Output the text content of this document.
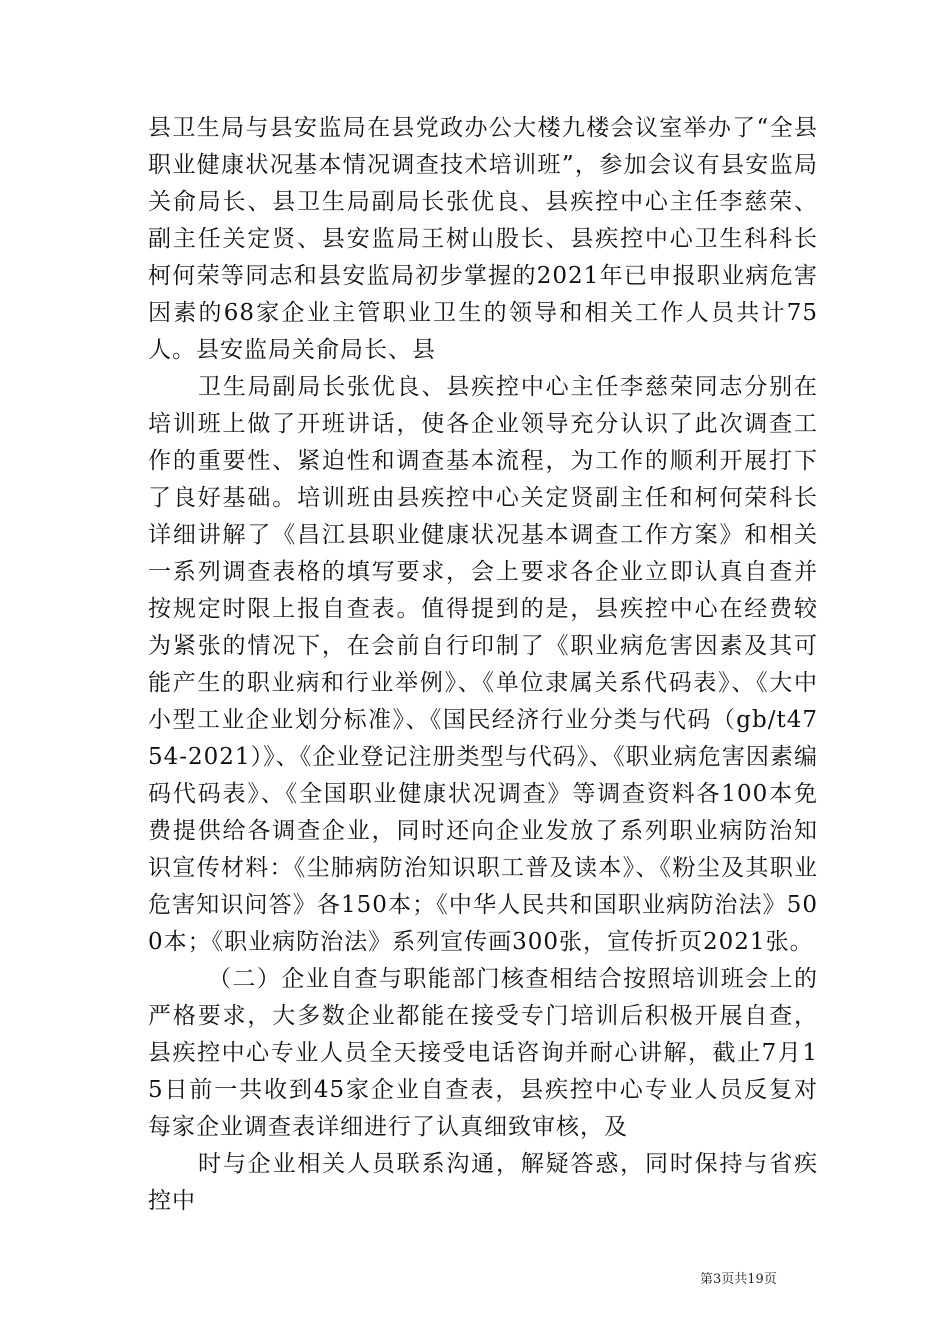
县卫生局与县安监局在县党政办公大楼九楼会议室举办了“全县职业健康状况基本情况调查技术培训班”，参加会议有县安监局关俞局长、县卫生局副局长张优良、县疾控中心主任李慈荣、副主任关定贤、县安监局王树山股长、县疾控中心卫生科科长柯何荣等同志和县安监局初步掌握的2021年已申报职业病危害因素的68家企业主管职业卫生的领导和相关工作人员共计75人。县安监局关俞局长、县

卫生局副局长张优良、县疾控中心主任李慈荣同志分别在培训班上做了开班讲话，使各企业领导充分认识了此次调查工作的重要性、紧迫性和调查基本流程，为工作的顺利开展打下了良好基础。培训班由县疾控中心关定贤副主任和柯何荣科长详细讲解了《昌江县职业健康状况基本调查工作方案》和相关一系列调查表格的填写要求，会上要求各企业立即认真自查并按规定时限上报自查表。值得提到的是，县疾控中心在经费较为紧张的情况下，在会前自行印制了《职业病危害因素及其可能产生的职业病和行业举例》、《单位隶属关系代码表》、《大中小型工业企业划分标准》、《国民经济行业分类与代码（gb/t4754-2021）》、《企业登记注册类型与代码》、《职业病危害因素编码代码表》、《全国职业健康状况调查》等调查资料各100本免费提供给各调查企业，同时还向企业发放了系列职业病防治知识宣传材料：《尘肺病防治知识职工普及读本》、《粉尘及其职业危害知识问答》各150本；《中华人民共和国职业病防治法》500本；《职业病防治法》系列宣传画300张，宣传折页2021张。

（二）企业自查与职能部门核查相结合按照培训班会上的严格要求，大多数企业都能在接受专门培训后积极开展自查，县疾控中心专业人员全天接受电话咨询并耐心讲解，截止7月15日前一共收到45家企业自查表，县疾控中心专业人员反复对每家企业调查表详细进行了认真细致审核，及

时与企业相关人员联系沟通，解疑答惑，同时保持与省疾控中

第3页共19页
